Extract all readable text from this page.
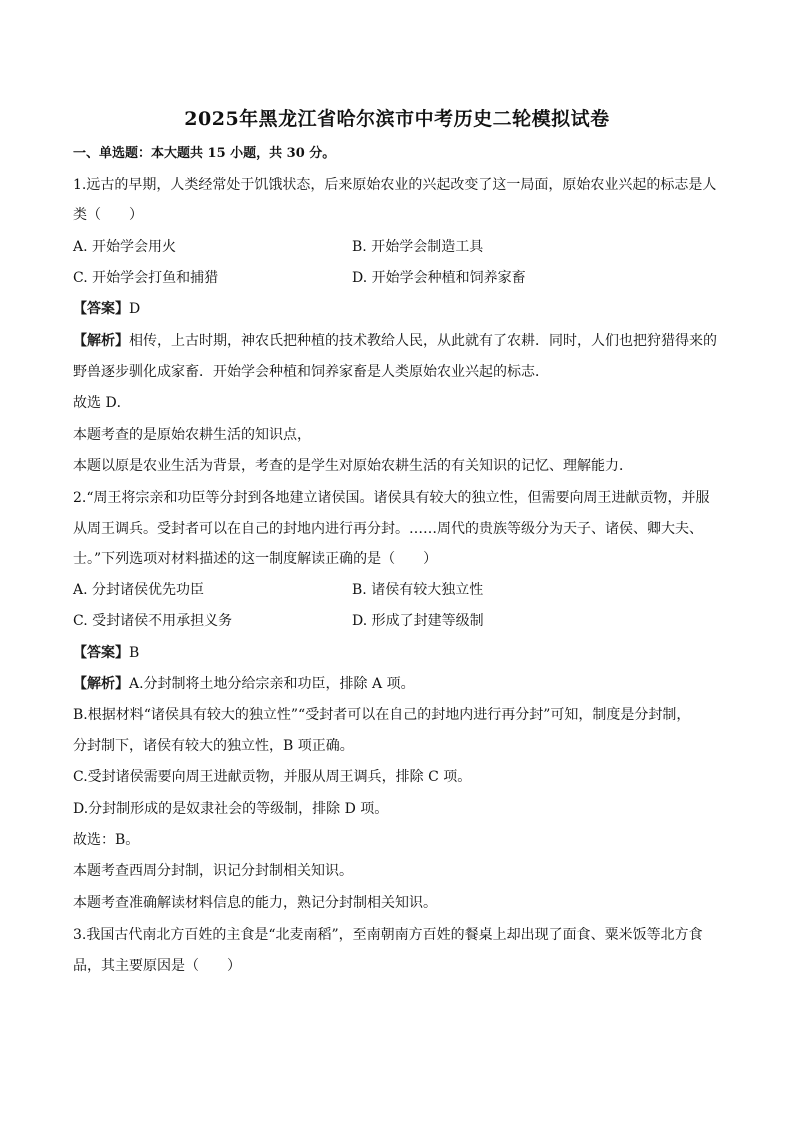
2025年黑龙江省哈尔滨市中考历史二轮模拟试卷
一、单选题：本大题共 15 小题，共 30 分。
1.远古的早期，人类经常处于饥饿状态，后来原始农业的兴起改变了这一局面，原始农业兴起的标志是人
类（　　）
A. 开始学会用火	B. 开始学会制造工具
C. 开始学会打鱼和捕猎	D. 开始学会种植和饲养家畜
【答案】D
【解析】相传，上古时期，神农氏把种植的技术教给人民，从此就有了农耕．同时，人们也把狩猎得来的
野兽逐步驯化成家畜．开始学会种植和饲养家畜是人类原始农业兴起的标志．
故选 D．
本题考查的是原始农耕生活的知识点，
本题以原是农业生活为背景，考查的是学生对原始农耕生活的有关知识的记忆、理解能力．
2.“周王将宗亲和功臣等分封到各地建立诸侯国。诸侯具有较大的独立性，但需要向周王进献贡物，并服
从周王调兵。受封者可以在自己的封地内进行再分封。……周代的贵族等级分为天子、诸侯、卿大夫、
士。”下列选项对材料描述的这一制度解读正确的是（　　）
A. 分封诸侯优先功臣	B. 诸侯有较大独立性
C. 受封诸侯不用承担义务	D. 形成了封建等级制
【答案】B
【解析】A.分封制将土地分给宗亲和功臣，排除 A 项。
B.根据材料“诸侯具有较大的独立性”“受封者可以在自己的封地内进行再分封”可知，制度是分封制，
分封制下，诸侯有较大的独立性，B 项正确。
C.受封诸侯需要向周王进献贡物，并服从周王调兵，排除 C 项。
D.分封制形成的是奴隶社会的等级制，排除 D 项。
故选：B。
本题考查西周分封制，识记分封制相关知识。
本题考查准确解读材料信息的能力，熟记分封制相关知识。
3.我国古代南北方百姓的主食是“北麦南稻”，至南朝南方百姓的餐桌上却出现了面食、粟米饭等北方食
品，其主要原因是（　　）
